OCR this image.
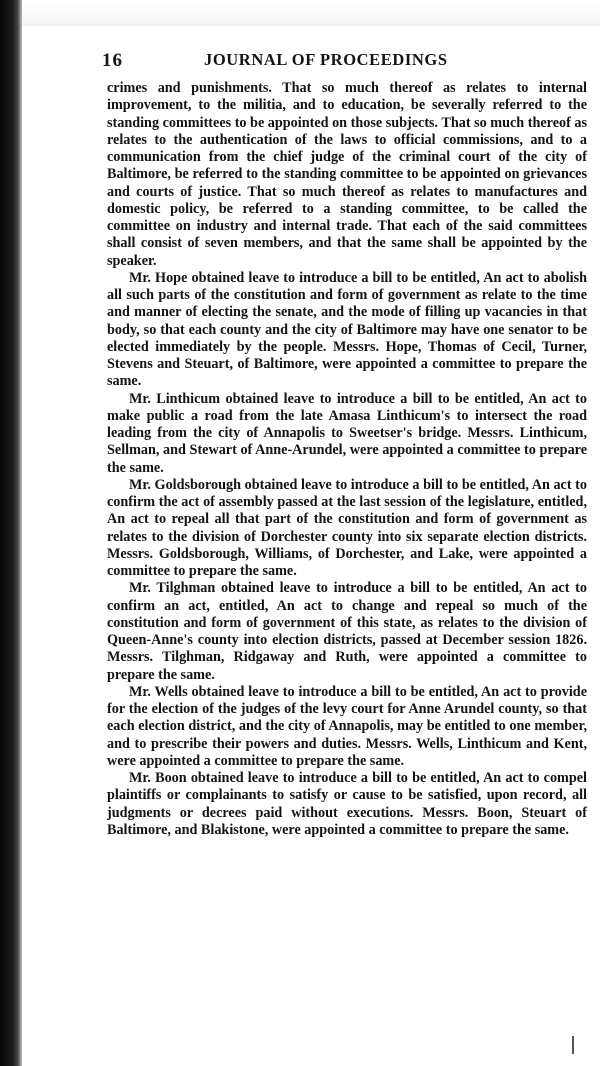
16	JOURNAL OF PROCEEDINGS

crimes and punishments. That so much thereof as relates to internal improvement, to the militia, and to education, be severally referred to the standing committees to be appointed on those subjects. That so much thereof as relates to the authentication of the laws to official commissions, and to a communication from the chief judge of the criminal court of the city of Baltimore, be referred to the standing committee to be appointed on grievances and courts of justice. That so much thereof as relates to manufactures and domestic policy, be referred to a standing committee, to be called the committee on industry and internal trade. That each of the said committees shall consist of seven members, and that the same shall be appointed by the speaker.

Mr. Hope obtained leave to introduce a bill to be entitled, An act to abolish all such parts of the constitution and form of government as relate to the time and manner of electing the senate, and the mode of filling up vacancies in that body, so that each county and the city of Baltimore may have one senator to be elected immediately by the people. Messrs. Hope, Thomas of Cecil, Turner, Stevens and Steuart, of Baltimore, were appointed a committee to prepare the same.

Mr. Linthicum obtained leave to introduce a bill to be entitled, An act to make public a road from the late Amasa Linthicum's to intersect the road leading from the city of Annapolis to Sweetser's bridge. Messrs. Linthicum, Sellman, and Stewart of Anne-Arundel, were appointed a committee to prepare the same.

Mr. Goldsborough obtained leave to introduce a bill to be entitled, An act to confirm the act of assembly passed at the last session of the legislature, entitled, An act to repeal all that part of the constitution and form of government as relates to the division of Dorchester county into six separate election districts. Messrs. Goldsborough, Williams, of Dorchester, and Lake, were appointed a committee to prepare the same.

Mr. Tilghman obtained leave to introduce a bill to be entitled, An act to confirm an act, entitled, An act to change and repeal so much of the constitution and form of government of this state, as relates to the division of Queen-Anne's county into election districts, passed at December session 1826. Messrs. Tilghman, Ridgaway and Ruth, were appointed a committee to prepare the same.

Mr. Wells obtained leave to introduce a bill to be entitled, An act to provide for the election of the judges of the levy court for Anne Arundel county, so that each election district, and the city of Annapolis, may be entitled to one member, and to prescribe their powers and duties. Messrs. Wells, Linthicum and Kent, were appointed a committee to prepare the same.

Mr. Boon obtained leave to introduce a bill to be entitled, An act to compel plaintiffs or complainants to satisfy or cause to be satisfied, upon record, all judgments or decrees paid without executions. Messrs. Boon, Steuart of Baltimore, and Blakistone, were appointed a committee to prepare the same.
